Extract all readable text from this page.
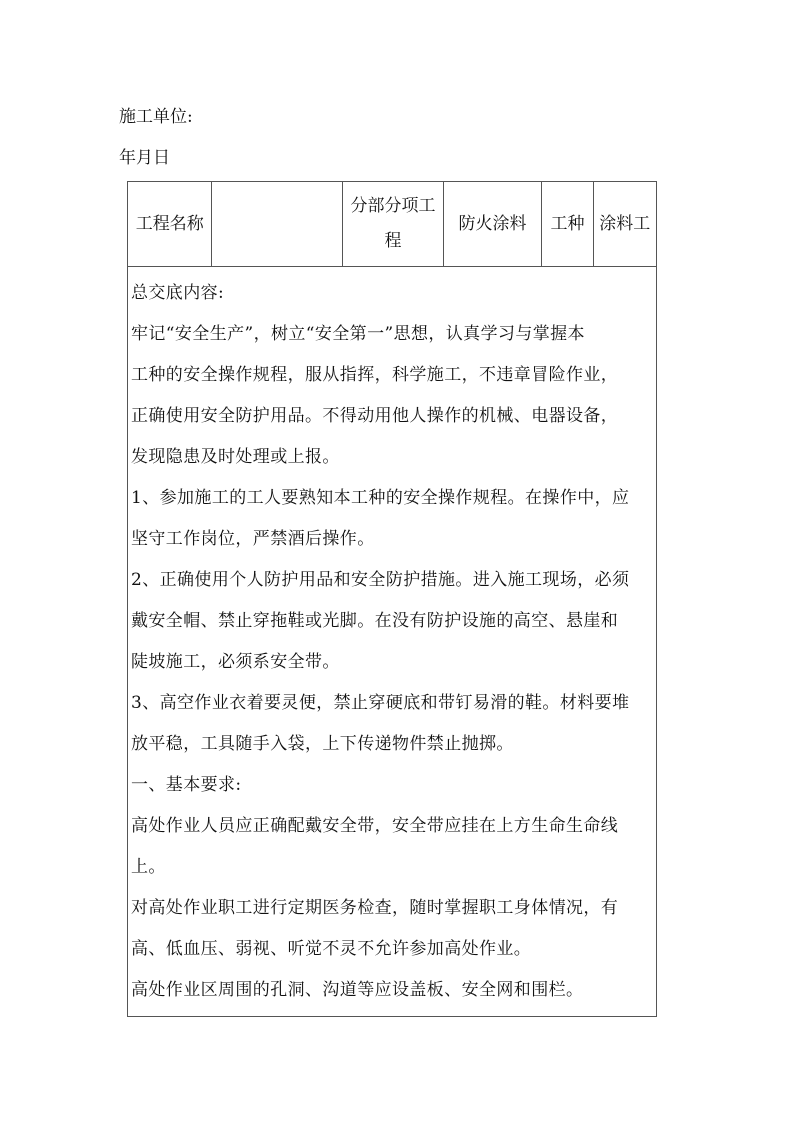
施工单位:
年月日
工程名称		分部分项工程	防火涂料	工种	涂料工

总交底内容:

牢记“安全生产”，树立“安全第一”思想，认真学习与掌握本

工种的安全操作规程，服从指挥，科学施工，不违章冒险作业，

正确使用安全防护用品。不得动用他人操作的机械、电器设备，

发现隐患及时处理或上报。

1、参加施工的工人要熟知本工种的安全操作规程。在操作中，应

坚守工作岗位，严禁酒后操作。

2、正确使用个人防护用品和安全防护措施。进入施工现场，必须

戴安全帽、禁止穿拖鞋或光脚。在没有防护设施的高空、悬崖和

陡坡施工，必须系安全带。

3、高空作业衣着要灵便，禁止穿硬底和带钉易滑的鞋。材料要堆

放平稳，工具随手入袋，上下传递物件禁止抛掷。

一、基本要求:

高处作业人员应正确配戴安全带，安全带应挂在上方生命生命线

上。

对高处作业职工进行定期医务检查，随时掌握职工身体情况，有

高、低血压、弱视、听觉不灵不允许参加高处作业。

高处作业区周围的孔洞、沟道等应设盖板、安全网和围栏。
